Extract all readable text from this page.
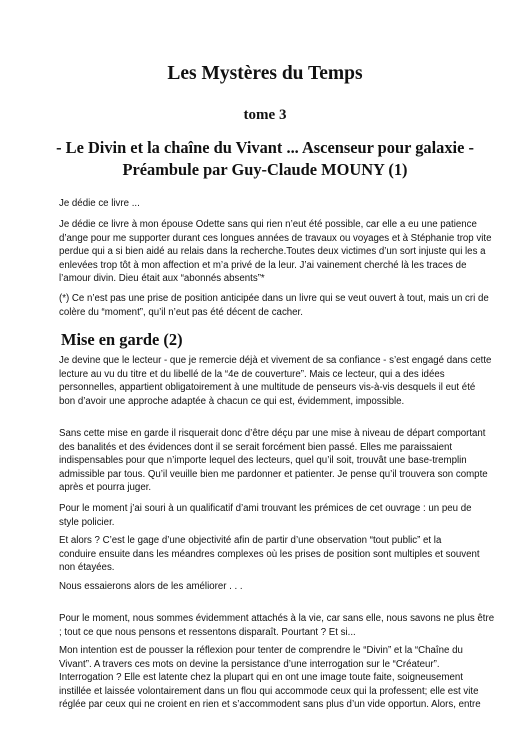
Les Mystères du Temps
tome 3
- Le Divin et la chaîne du Vivant ... Ascenseur pour galaxie -
Préambule par Guy-Claude MOUNY (1)

Je dédie ce livre ...

Je dédie ce livre à mon épouse Odette sans qui rien n’eut été possible, car elle a eu une patience
d’ange pour me supporter durant ces longues années de travaux ou voyages et à Stéphanie trop vite
perdue qui a si bien aidé au relais dans la recherche.Toutes deux victimes d’un sort injuste qui les a
enlevées trop tôt à mon affection et m’a privé de la leur. J’ai vainement cherché là les traces de
l’amour divin. Dieu était aux “abonnés absents”*
(*) Ce n’est pas une prise de position anticipée dans un livre qui se veut ouvert à tout, mais un cri de
colère du “moment”, qu’il n’eut pas été décent de cacher.
Mise en garde (2)
Je devine que le lecteur - que je remercie déjà et vivement de sa confiance - s’est engagé dans cette
lecture au vu du titre et du libellé de la “4e de couverture”. Mais ce lecteur, qui a des idées
personnelles, appartient obligatoirement à une multitude de penseurs vis-à-vis desquels il eut été
bon d’avoir une approche adaptée à chacun ce qui est, évidemment, impossible.
Sans cette mise en garde il risquerait donc d’être déçu par une mise à niveau de départ comportant
des banalités et des évidences dont il se serait forcément bien passé. Elles me paraissaient
indispensables pour que n’importe lequel des lecteurs, quel qu’il soit, trouvât une base-tremplin
admissible par tous. Qu’il veuille bien me pardonner et patienter. Je pense qu’il trouvera son compte
après et pourra juger.
Pour le moment j’ai souri à un qualificatif d’ami trouvant les prémices de cet ouvrage : un peu de
style policier.
Et alors ? C’est le gage d’une objectivité afin de partir d’une observation “tout public” et la
conduire ensuite dans les méandres complexes où les prises de position sont multiples et souvent
non étayées.

Nous essaierons alors de les améliorer . . .

Pour le moment, nous sommes évidemment attachés à la vie, car sans elle, nous savons ne plus être
; tout ce que nous pensons et ressentons disparaît. Pourtant ? Et si...
Mon intention est de pousser la réflexion pour tenter de comprendre le “Divin” et la “Chaîne du
Vivant”. A travers ces mots on devine la persistance d’une interrogation sur le “Créateur”.
Interrogation ? Elle est latente chez la plupart qui en ont une image toute faite, soigneusement
instillée et laissée volontairement dans un flou qui accommode ceux qui la professent; elle est vite
réglée par ceux qui ne croient en rien et s’accommodent sans plus d’un vide opportun. Alors, entre
